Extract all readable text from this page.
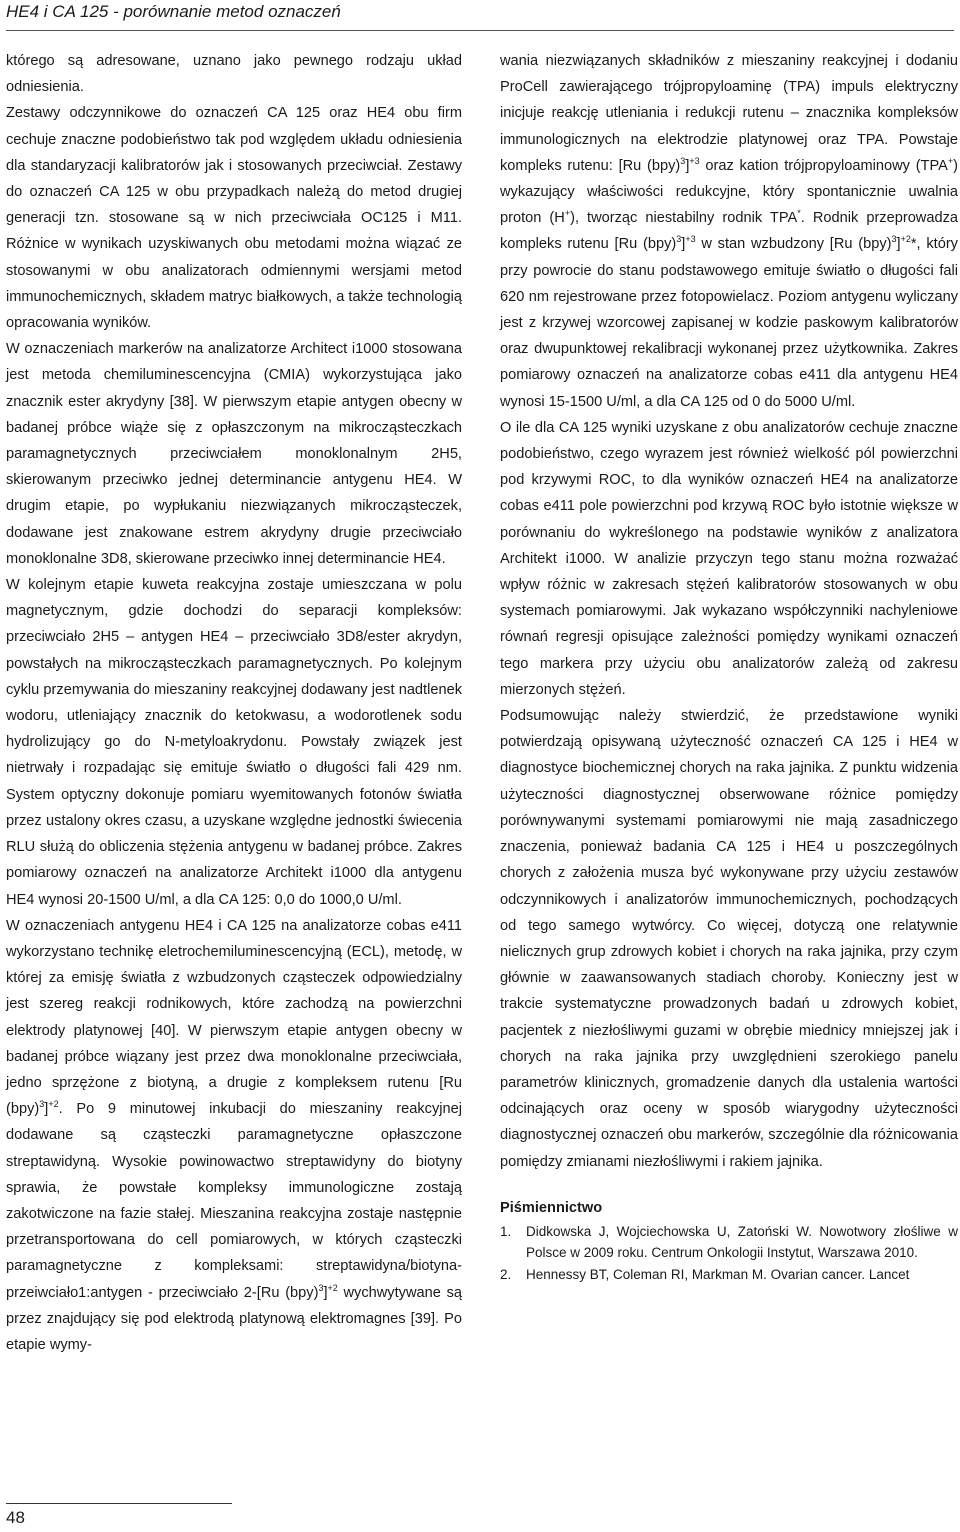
HE4 i CA 125 - porównanie metod oznaczeń

którego są adresowane, uznano jako pewnego rodzaju układ odniesienia.

Zestawy odczynnikowe do oznaczeń CA 125 oraz HE4 obu firm cechuje znaczne podobieństwo tak pod względem układu odniesienia dla standaryzacji kalibratorów jak i stosowanych przeciwciał. Zestawy do oznaczeń CA 125 w obu przypadkach należą do metod drugiej generacji tzn. stosowane są w nich przeciwciała OC125 i M11. Różnice w wynikach uzyskiwanych obu metodami można wiązać ze stosowanymi w obu analizatorach odmiennymi wersjami metod immunochemicznych, składem matryc białkowych, a także technologią opracowania wyników.

W oznaczeniach markerów na analizatorze Architect i1000 stosowana jest metoda chemiluminescencyjna (CMIA) wykorzystująca jako znacznik ester akrydyny [38]. W pierwszym etapie antygen obecny w badanej próbce wiąże się z opłaszczonym na mikrocząsteczkach paramagnetycznych przeciwciałem monoklonalnym 2H5, skierowanym przeciwko jednej determinancie antygenu HE4. W drugim etapie, po wypłukaniu niezwiązanych mikrocząsteczek, dodawane jest znakowane estrem akrydyny drugie przeciwciało monoklonalne 3D8, skierowane przeciwko innej determinancie HE4.

W kolejnym etapie kuweta reakcyjna zostaje umieszczana w polu magnetycznym, gdzie dochodzi do separacji kompleksów: przeciwciało 2H5 – antygen HE4 – przeciwciało 3D8/ester akrydyn, powstałych na mikrocząsteczkach paramagnetycznych. Po kolejnym cyklu przemywania do mieszaniny reakcyjnej dodawany jest nadtlenek wodoru, utleniający znacznik do ketokwasu, a wodorotlenek sodu hydrolizujący go do N-metyloakrydonu. Powstały związek jest nietrwały i rozpadając się emituje światło o długości fali 429 nm. System optyczny dokonuje pomiaru wyemitowanych fotonów światła przez ustalony okres czasu, a uzyskane względne jednostki świecenia RLU służą do obliczenia stężenia antygenu w badanej próbce. Zakres pomiarowy oznaczeń na analizatorze Architekt i1000 dla antygenu HE4 wynosi 20-1500 U/ml, a dla CA 125: 0,0 do 1000,0 U/ml.

W oznaczeniach antygenu HE4 i CA 125 na analizatorze cobas e411 wykorzystano technikę eletrochemiluminescencyjną (ECL), metodę, w której za emisję światła z wzbudzonych cząsteczek odpowiedzialny jest szereg reakcji rodnikowych, które zachodzą na powierzchni elektrody platynowej [40]. W pierwszym etapie antygen obecny w badanej próbce wiązany jest przez dwa monoklonalne przeciwciała, jedno sprzężone z biotyną, a drugie z kompleksem rutenu [Ru (bpy)$^3$]$^{+2}$. Po 9 minutowej inkubacji do mieszaniny reakcyjnej dodawane są cząsteczki paramagnetyczne opłaszczone streptawidyną. Wysokie powinowactwo streptawidyny do biotyny sprawia, że powstałe kompleksy immunologiczne zostają zakotwiczone na fazie stałej. Mieszanina reakcyjna zostaje następnie przetransportowana do cell pomiarowych, w których cząsteczki paramagnetyczne z kompleksami: streptawidyna/biotyna-przeiwciało1:antygen - przeciwciało 2-[Ru (bpy)$^3$]$^{+2}$ wychwytywane są przez znajdujący się pod elektrodą platynową elektromagnes [39]. Po etapie wymy-

wania niezwiązanych składników z mieszaniny reakcyjnej i dodaniu ProCell zawierającego trójpropyloaminę (TPA) impuls elektryczny inicjuje reakcję utleniania i redukcji rutenu – znacznika kompleksów immunologicznych na elektrodzie platynowej oraz TPA. Powstaje kompleks rutenu: [Ru (bpy)$^3$]$^{+3}$ oraz kation trójpropyloaminowy (TPA+) wykazujący właściwości redukcyjne, który spontanicznie uwalnia proton (H+), tworząc niestabilny rodnik TPA*. Rodnik przeprowadza kompleks rutenu [Ru (bpy)$^3$]$^{+3}$ w stan wzbudzony [Ru (bpy)$^3$]$^{+2}$*, który przy powrocie do stanu podstawowego emituje światło o długości fali 620 nm rejestrowane przez fotopowielacz. Poziom antygenu wyliczany jest z krzywej wzorcowej zapisanej w kodzie paskowym kalibratorów oraz dwupunktowej rekalibracji wykonanej przez użytkownika. Zakres pomiarowy oznaczeń na analizatorze cobas e411 dla antygenu HE4 wynosi 15-1500 U/ml, a dla CA 125 od 0 do 5000 U/ml.

O ile dla CA 125 wyniki uzyskane z obu analizatorów cechuje znaczne podobieństwo, czego wyrazem jest również wielkość pól powierzchni pod krzywymi ROC, to dla wyników oznaczeń HE4 na analizatorze cobas e411 pole powierzchni pod krzywą ROC było istotnie większe w porównaniu do wykreślonego na podstawie wyników z analizatora Architekt i1000. W analizie przyczyn tego stanu można rozważać wpływ różnic w zakresach stężeń kalibratorów stosowanych w obu systemach pomiarowymi. Jak wykazano współczynniki nachyleniowe równań regresji opisujące zależności pomiędzy wynikami oznaczeń tego markera przy użyciu obu analizatorów zależą od zakresu mierzonych stężeń.

Podsumowując należy stwierdzić, że przedstawione wyniki potwierdzają opisywaną użyteczność oznaczeń CA 125 i HE4 w diagnostyce biochemicznej chorych na raka jajnika. Z punktu widzenia użyteczności diagnostycznej obserwowane różnice pomiędzy porównywanymi systemami pomiarowymi nie mają zasadniczego znaczenia, ponieważ badania CA 125 i HE4 u poszczególnych chorych z założenia musza być wykonywane przy użyciu zestawów odczynnikowych i analizatorów immunochemicznych, pochodzących od tego samego wytwórcy. Co więcej, dotyczą one relatywnie nielicznych grup zdrowych kobiet i chorych na raka jajnika, przy czym głównie w zaawansowanych stadiach choroby. Konieczny jest w trakcie systematyczne prowadzonych badań u zdrowych kobiet, pacjentek z niezłośliwymi guzami w obrębie miednicy mniejszej jak i chorych na raka jajnika przy uwzględnieni szerokiego panelu parametrów klinicznych, gromadzenie danych dla ustalenia wartości odcinających oraz oceny w sposób wiarygodny użyteczności diagnostycznej oznaczeń obu markerów, szczególnie dla różnicowania pomiędzy zmianami niezłośliwymi i rakiem jajnika.

Piśmiennictwo
1. Didkowska J, Wojciechowska U, Zatoński W. Nowotwory złośliwe w Polsce w 2009 roku. Centrum Onkologii Instytut, Warszawa 2010.
2. Hennessy BT, Coleman RI, Markman M. Ovarian cancer. Lancet
48
